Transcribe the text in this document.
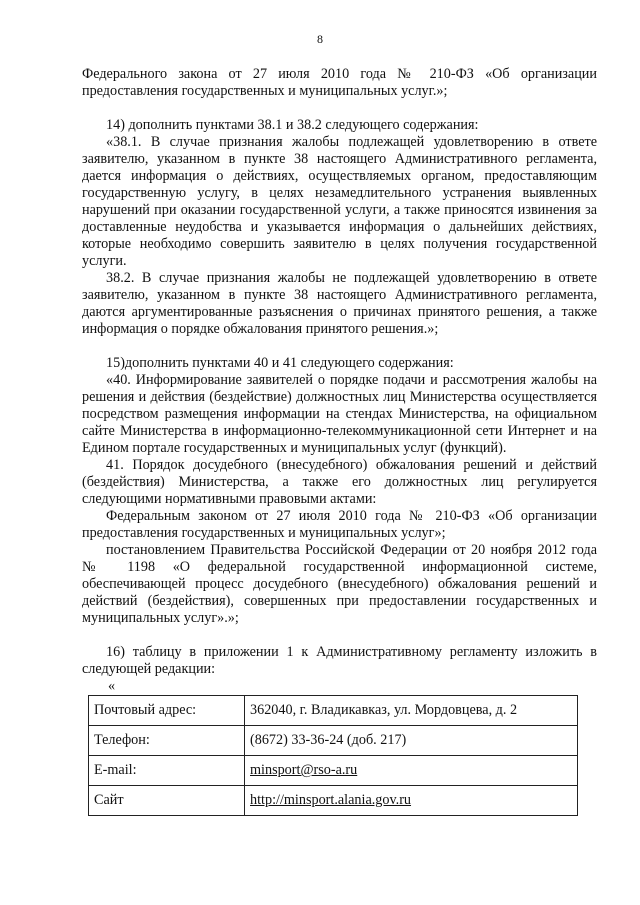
8

Федерального закона от 27 июля 2010 года № 210-ФЗ «Об организации предоставления государственных и муниципальных услуг.»;

14) дополнить пунктами 38.1 и 38.2 следующего содержания:

«38.1. В случае признания жалобы подлежащей удовлетворению в ответе заявителю, указанном в пункте 38 настоящего Административного регламента, дается информация о действиях, осуществляемых органом, предоставляющим государственную услугу, в целях незамедлительного устранения выявленных нарушений при оказании государственной услуги, а также приносятся извинения за доставленные неудобства и указывается информация о дальнейших действиях, которые необходимо совершить заявителю в целях получения государственной услуги.

38.2. В случае признания жалобы не подлежащей удовлетворению в ответе заявителю, указанном в пункте 38 настоящего Административного регламента, даются аргументированные разъяснения о причинах принятого решения, а также информация о порядке обжалования принятого решения.»;

15)дополнить пунктами 40 и 41 следующего содержания:

«40. Информирование заявителей о порядке подачи и рассмотрения жалобы на решения и действия (бездействие) должностных лиц Министерства осуществляется посредством размещения информации на стендах Министерства, на официальном сайте Министерства в информационно-телекоммуникационной сети Интернет и на Едином портале государственных и муниципальных услуг (функций).

41. Порядок досудебного (внесудебного) обжалования решений и действий (бездействия) Министерства, а также его должностных лиц регулируется следующими нормативными правовыми актами:

Федеральным законом от 27 июля 2010 года № 210-ФЗ «Об организации предоставления государственных и муниципальных услуг»;

постановлением Правительства Российской Федерации от 20 ноября 2012 года № 1198 «О федеральной государственной информационной системе, обеспечивающей процесс досудебного (внесудебного) обжалования решений и действий (бездействия), совершенных при предоставлении государственных и муниципальных услуг».»;

16) таблицу в приложении 1 к Административному регламенту изложить в следующей редакции:

«
Почтовый адрес:	362040, г. Владикавказ, ул. Мордовцева, д. 2
Телефон:	(8672) 33-36-24 (доб. 217)
E-mail:	minsport@rso-a.ru
Сайт	http://minsport.alania.gov.ru
